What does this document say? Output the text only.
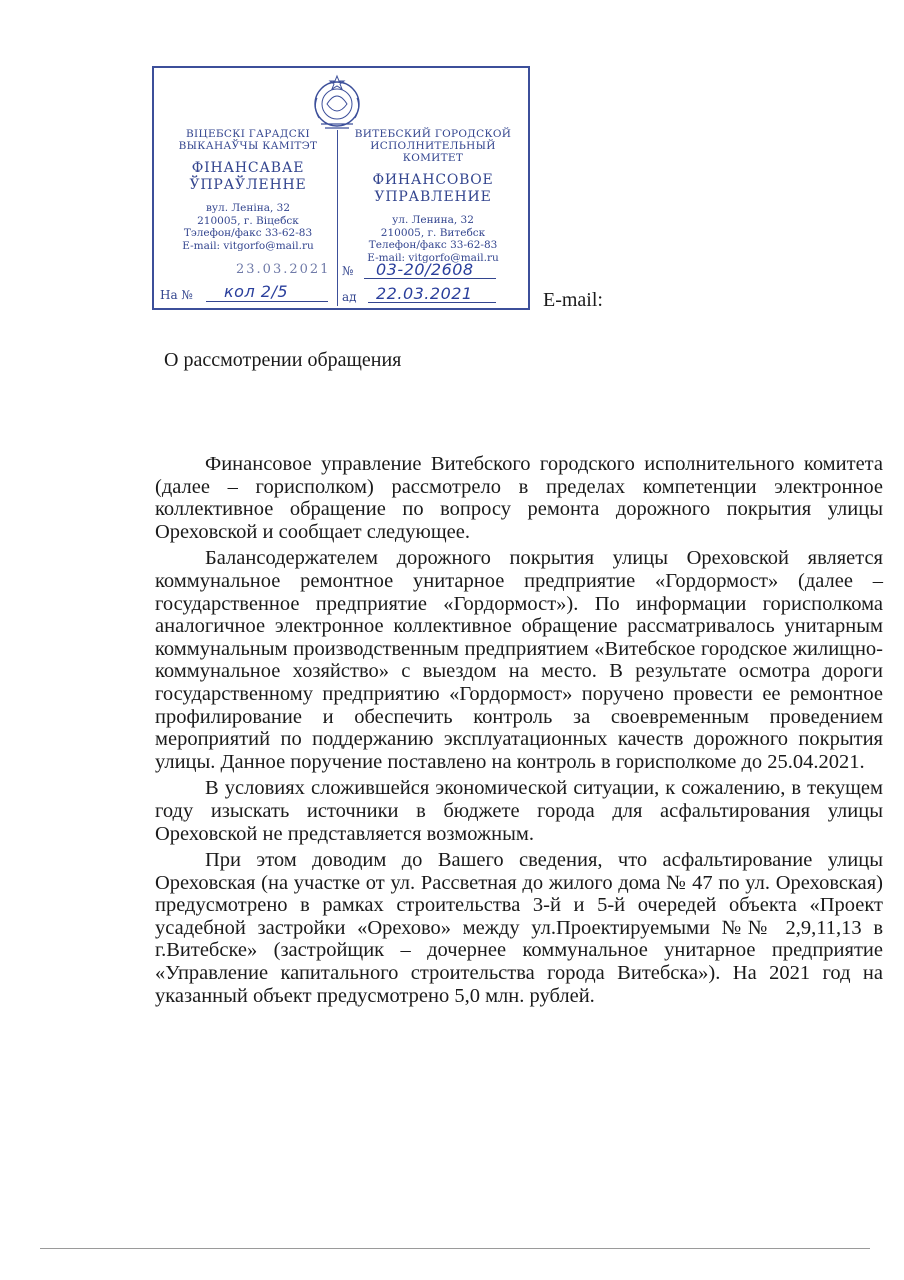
ВІЦЕБСКІ ГАРАДСКІ
ВЫКАНАЎЧЫ КАМІТЭТ
ФІНАНСАВАЕ
ЎПРАЎЛЕННЕ
вул. Леніна, 32
210005, г. Віцебск
Тэлефон/факс 33-62-83
E-mail: vitgorfo@mail.ru
ВИТЕБСКИЙ ГОРОДСКОЙ
ИСПОЛНИТЕЛЬНЫЙ КОМИТЕТ
ФИНАНСОВОЕ
УПРАВЛЕНИЕ
ул. Ленина, 32
210005, г. Витебск
Телефон/факс 33-62-83
E-mail: vitgorfo@mail.ru
23.03.2021 № 03-20/2608
На № кол 2/5	ад 22.03.2021	E-mail:
О рассмотрении обращения

Финансовое управление Витебского городского исполнительного комитета (далее – горисполком) рассмотрело в пределах компетенции электронное коллективное обращение по вопросу ремонта дорожного покрытия улицы Ореховской и сообщает следующее.

Балансодержателем дорожного покрытия улицы Ореховской является коммунальное ремонтное унитарное предприятие «Гордормост» (далее – государственное предприятие «Гордормост»). По информации горисполкома аналогичное электронное коллективное обращение рассматривалось унитарным коммунальным производственным предприятием «Витебское городское жилищно-коммунальное хозяйство» с выездом на место. В результате осмотра дороги государственному предприятию «Гордормост» поручено провести ее ремонтное профилирование и обеспечить контроль за своевременным проведением мероприятий по поддержанию эксплуатационных качеств дорожного покрытия улицы. Данное поручение поставлено на контроль в горисполкоме до 25.04.2021.

В условиях сложившейся экономической ситуации, к сожалению, в текущем году изыскать источники в бюджете города для асфальтирования улицы Ореховской не представляется возможным.

При этом доводим до Вашего сведения, что асфальтирование улицы Ореховская (на участке от ул. Рассветная до жилого дома № 47 по ул. Ореховская) предусмотрено в рамках строительства 3-й и 5-й очередей объекта «Проект усадебной застройки «Орехово» между ул.Проектируемыми №№ 2,9,11,13 в г.Витебске» (застройщик – дочернее коммунальное унитарное предприятие «Управление капитального строительства города Витебска»). На 2021 год на указанный объект предусмотрено 5,0 млн. рублей.
